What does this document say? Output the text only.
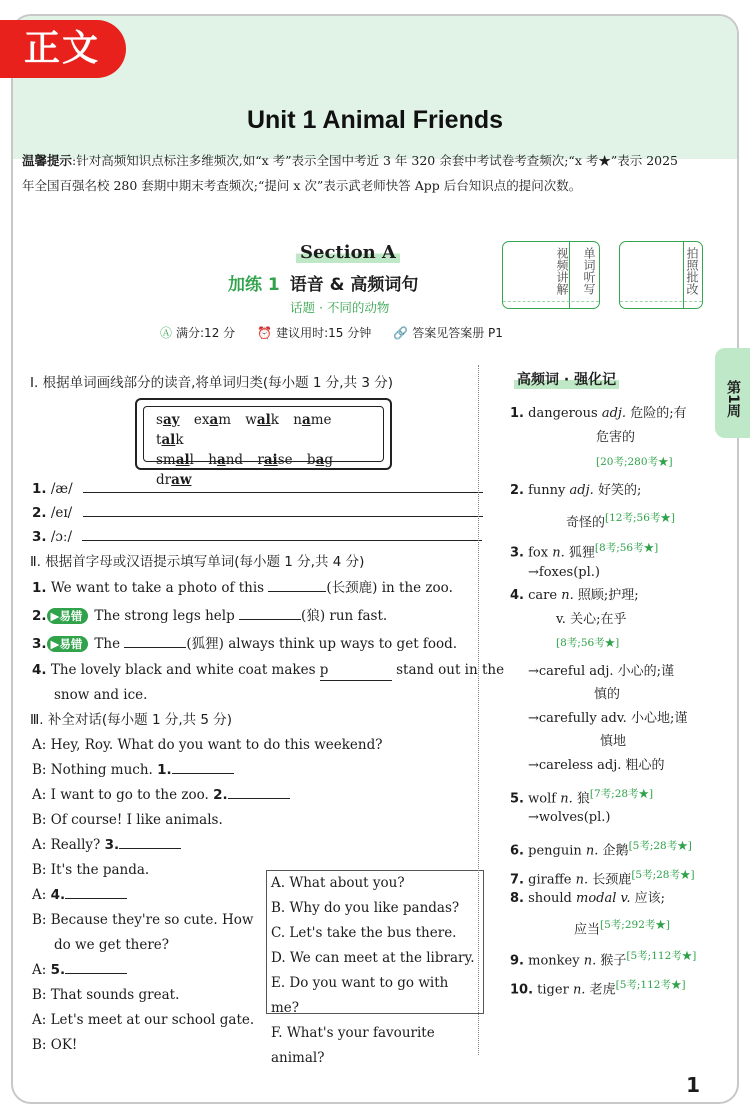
Unit 1 Animal Friends
正文
温馨提示:针对高频知识点标注多维频次,如“x 考”表示全国中考近 3 年 320 余套中考试卷考查频次;“x 考★”表示 2025 年全国百强名校 280 套期中期末考查频次;“提问 x 次”表示武老师快答 App 后台知识点的提问次数。
Section A
加练 1 语音 & 高频词句
话题 · 不同的动物
Ⓐ 满分:12 分 ⏰ 建议用时:15 分钟 🔗 答案见答案册 P1
视频讲解 单词听写	拍照批改
第1周
Ⅰ. 根据单词画线部分的读音,将单词归类(每小题 1 分,共 3 分)
say exam walk name talk
small hand raise bag draw
1. /æ/
2. /eɪ/
3. /ɔː/
Ⅱ. 根据首字母或汉语提示填写单词(每小题 1 分,共 4 分)
1. We want to take a photo of this	(长颈鹿) in the zoo.
2. ▶易错 The strong legs help	(狼) run fast.
3. ▶易错 The	(狐狸) always think up ways to get food.
4. The lovely black and white coat makes p	stand out in the
snow and ice.
Ⅲ. 补全对话(每小题 1 分,共 5 分)
A: Hey, Roy. What do you want to do this weekend?
B: Nothing much. 1.
A: I want to go to the zoo. 2.
B: Of course! I like animals.
A: Really? 3.
B: It's the panda.
A: 4.
B: Because they're so cute. How
do we get there?
A: 5.
B: That sounds great.
A: Let's meet at our school gate.
B: OK!
A. What about you?
B. Why do you like pandas?
C. Let's take the bus there.
D. We can meet at the library.
E. Do you want to go with me?
F. What's your favourite animal?
高频词 · 强化记
1. dangerous adj. 危险的;有
危害的
[20考;280考★]
2. funny adj. 好笑的;
奇怪的[12考;56考★]
3. fox n. 狐狸[8考;56考★]
→foxes(pl.)
4. care n. 照顾;护理;
v. 关心;在乎
[8考;56考★]
→careful adj. 小心的;谨
慎的
→carefully adv. 小心地;谨
慎地
→careless adj. 粗心的
5. wolf n. 狼[7考;28考★]
→wolves(pl.)
6. penguin n. 企鹅[5考;28考★]
7. giraffe n. 长颈鹿[5考;28考★]
8. should modal v. 应该;
应当[5考;292考★]
9. monkey n. 猴子[5考;112考★]
10. tiger n. 老虎[5考;112考★]
1
